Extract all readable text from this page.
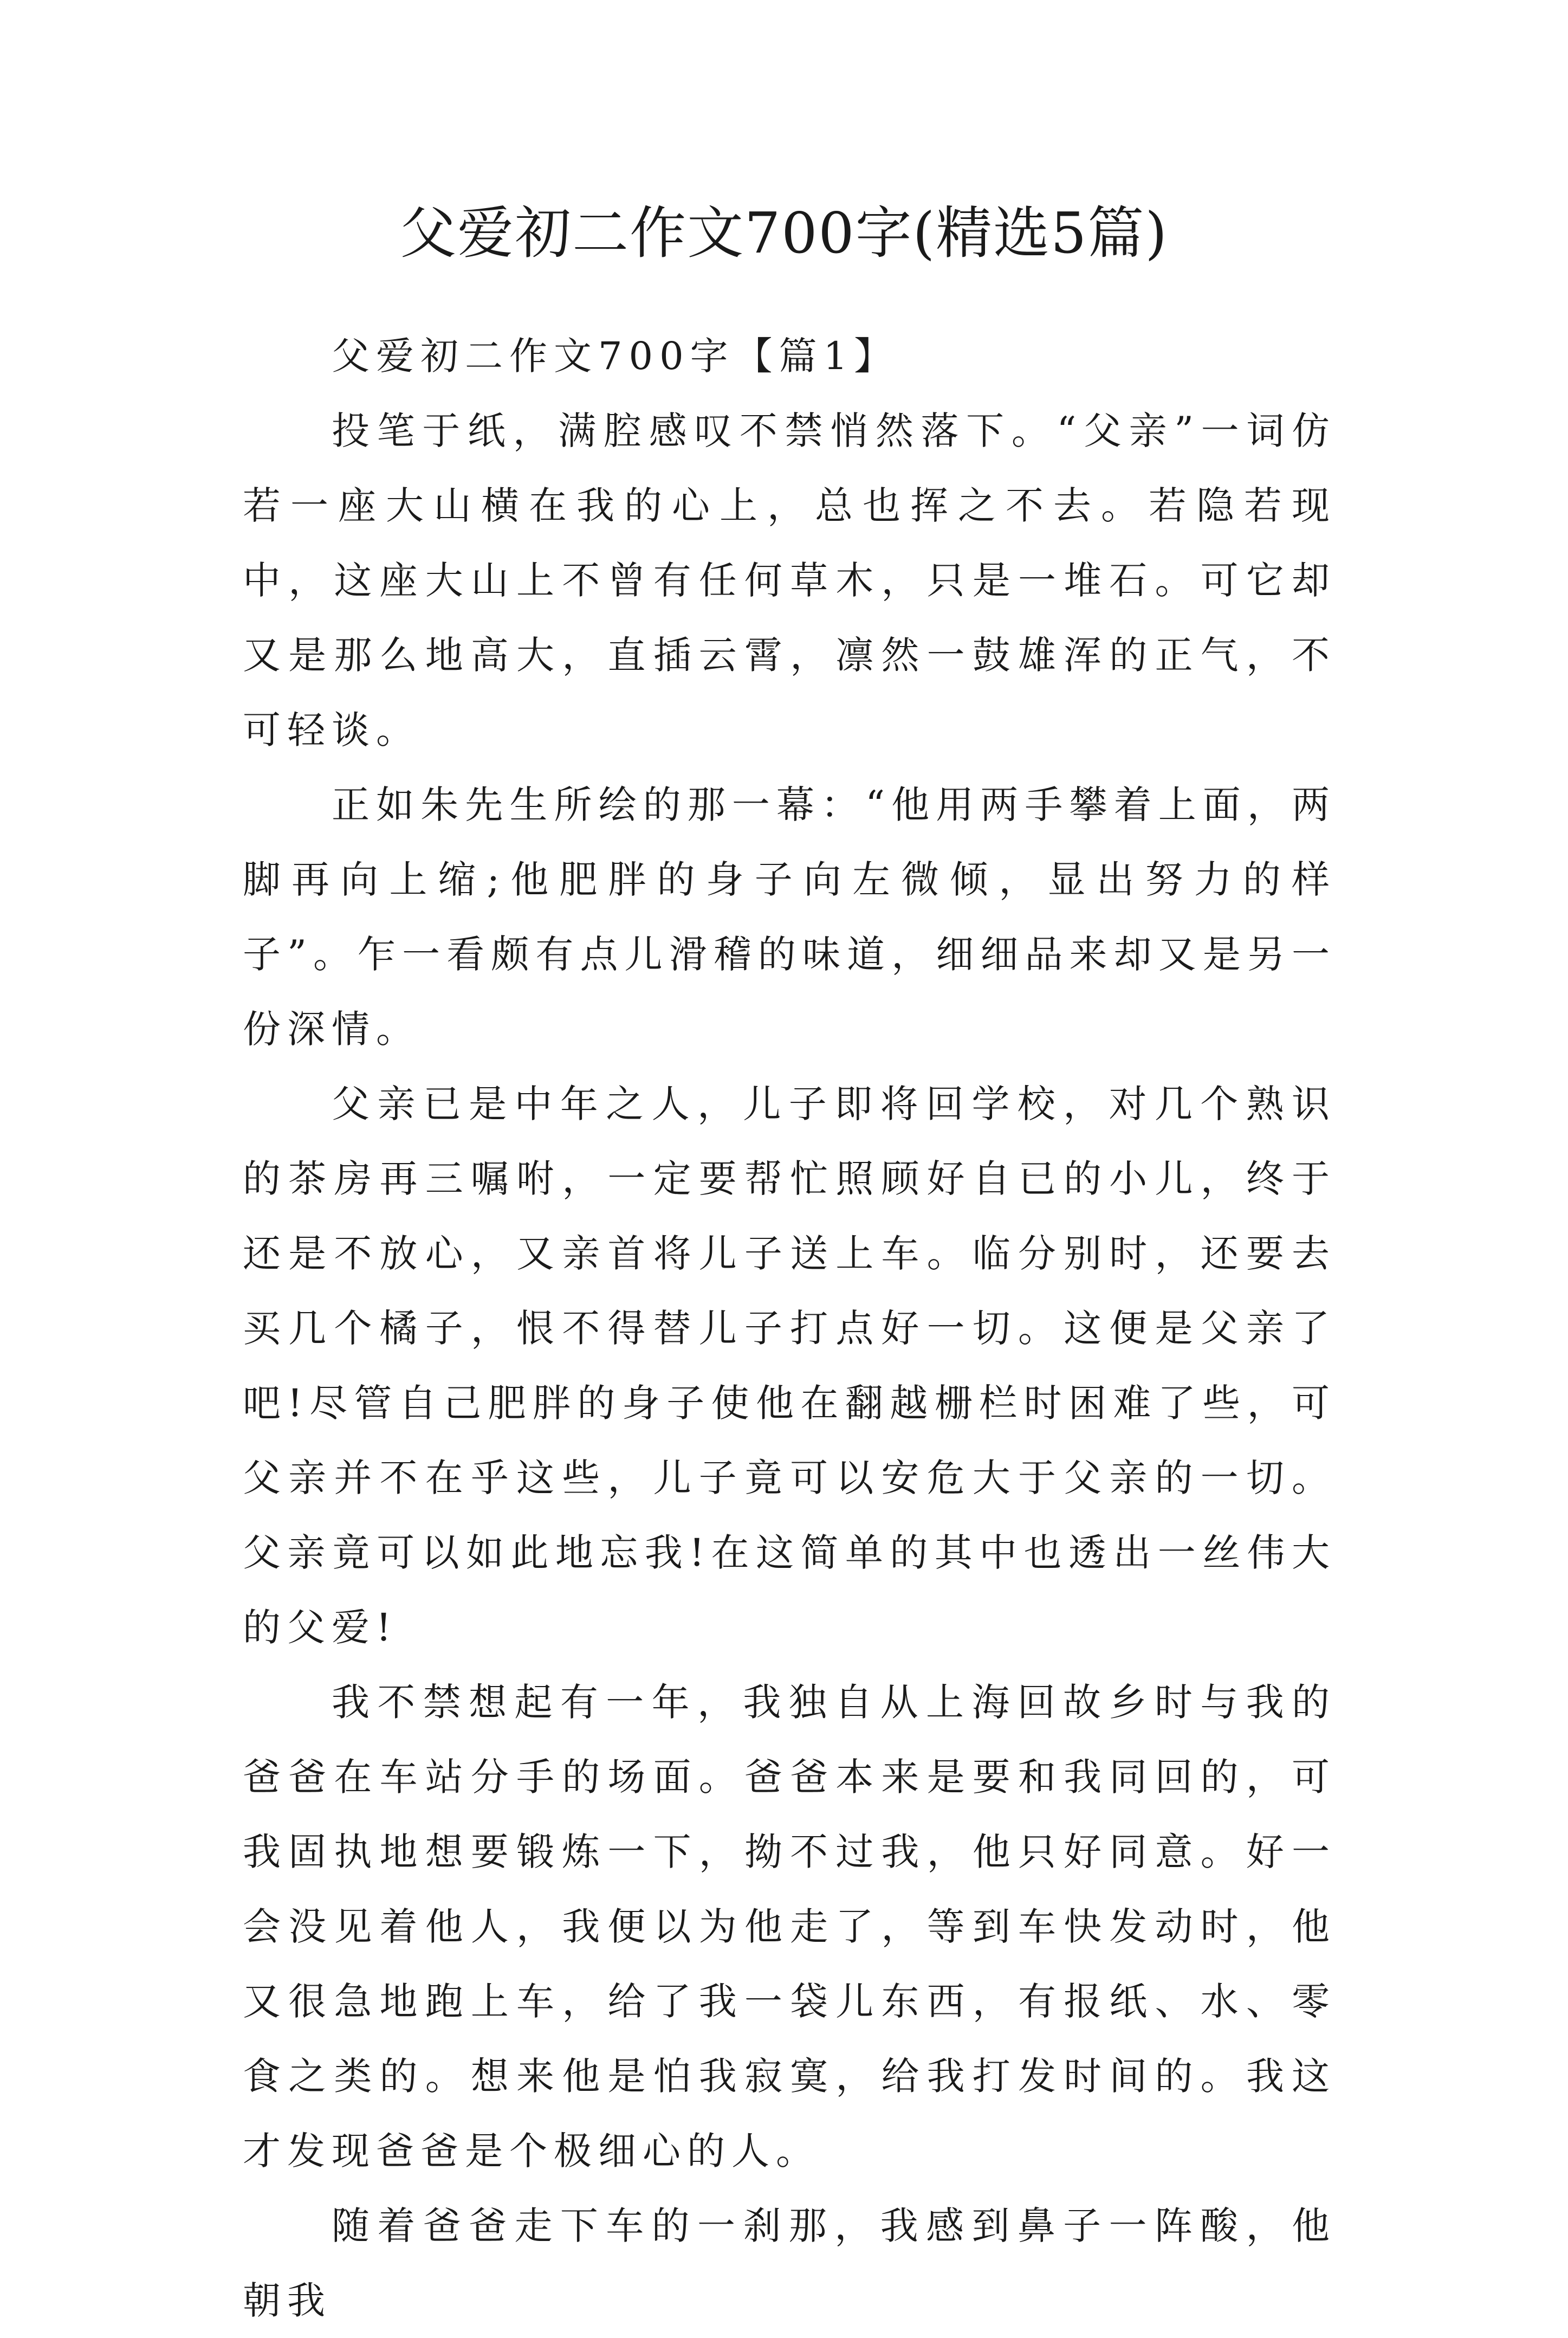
父爱初二作文700字(精选5篇)
父爱初二作文700字【篇1】

投笔于纸，满腔感叹不禁悄然落下。“父亲”一词仿若一座大山横在我的心上，总也挥之不去。若隐若现中，这座大山上不曾有任何草木，只是一堆石。可它却又是那么地高大，直插云霄，凛然一鼓雄浑的正气，不可轻谈。

正如朱先生所绘的那一幕：“他用两手攀着上面，两脚再向上缩;他肥胖的身子向左微倾，显出努力的样子”。乍一看颇有点儿滑稽的味道，细细品来却又是另一份深情。

父亲已是中年之人，儿子即将回学校，对几个熟识的茶房再三嘱咐，一定要帮忙照顾好自已的小儿，终于还是不放心，又亲首将儿子送上车。临分别时，还要去买几个橘子，恨不得替儿子打点好一切。这便是父亲了吧!尽管自己肥胖的身子使他在翻越栅栏时困难了些，可父亲并不在乎这些，儿子竟可以安危大于父亲的一切。父亲竟可以如此地忘我!在这简单的其中也透出一丝伟大的父爱!

我不禁想起有一年，我独自从上海回故乡时与我的爸爸在车站分手的场面。爸爸本来是要和我同回的，可我固执地想要锻炼一下，拗不过我，他只好同意。好一会没见着他人，我便以为他走了，等到车快发动时，他又很急地跑上车，给了我一袋儿东西，有报纸、水、零食之类的。想来他是怕我寂寞，给我打发时间的。我这才发现爸爸是个极细心的人。

随着爸爸走下车的一刹那，我感到鼻子一阵酸，他朝我
